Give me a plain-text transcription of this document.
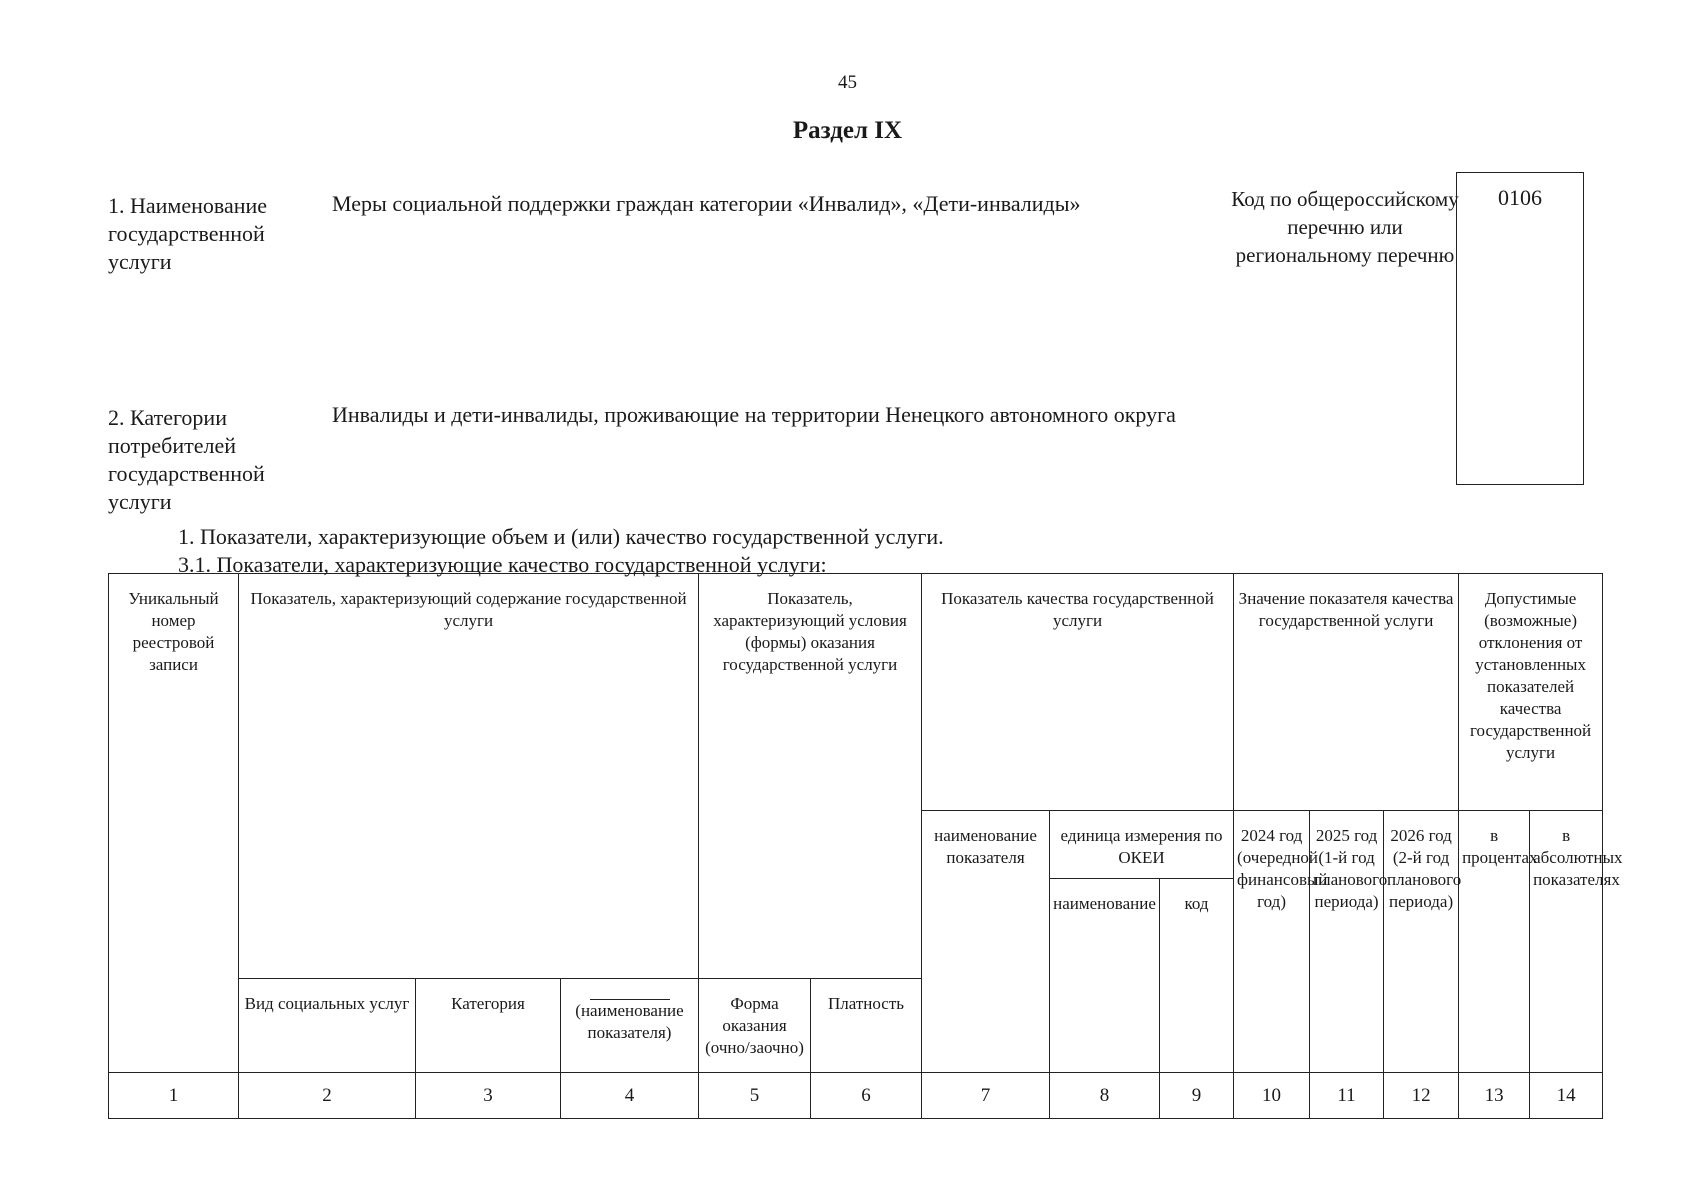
45
Раздел IX
1. Наименование государственной услуги
Меры социальной поддержки граждан категории «Инвалид», «Дети-инвалиды»	Код по общероссийскому перечню или региональному перечню
0106
2. Категории потребителей государственной услуги
Инвалиды и дети-инвалиды, проживающие на территории Ненецкого автономного округа
1. Показатели, характеризующие объем и (или) качество государственной услуги.
3.1. Показатели, характеризующие качество государственной услуги:
Уникальный номер реестровой записи	Показатель, характеризующий содержание государственной услуги			Показатель, характеризующий условия (формы) оказания государственной услуги		Показатель качества государственной услуги			Значение показателя качества государственной услуги			Допустимые (возможные) отклонения от установленных показателей качества государственной услуги	
						наименование показателя	единица измерения по ОКЕИ		2024 год (очередной финансовый год)	2025 год (1-й год планового периода)	2026 год (2-й год планового периода)	в процентах	в абсолютных показателях
							наименование	код					
	Вид социальных услуг	Категория	(наименование показателя)	Форма оказания (очно/заочно)	Платность								
1	2	3	4	5	6	7	8	9	10	11	12	13	14
